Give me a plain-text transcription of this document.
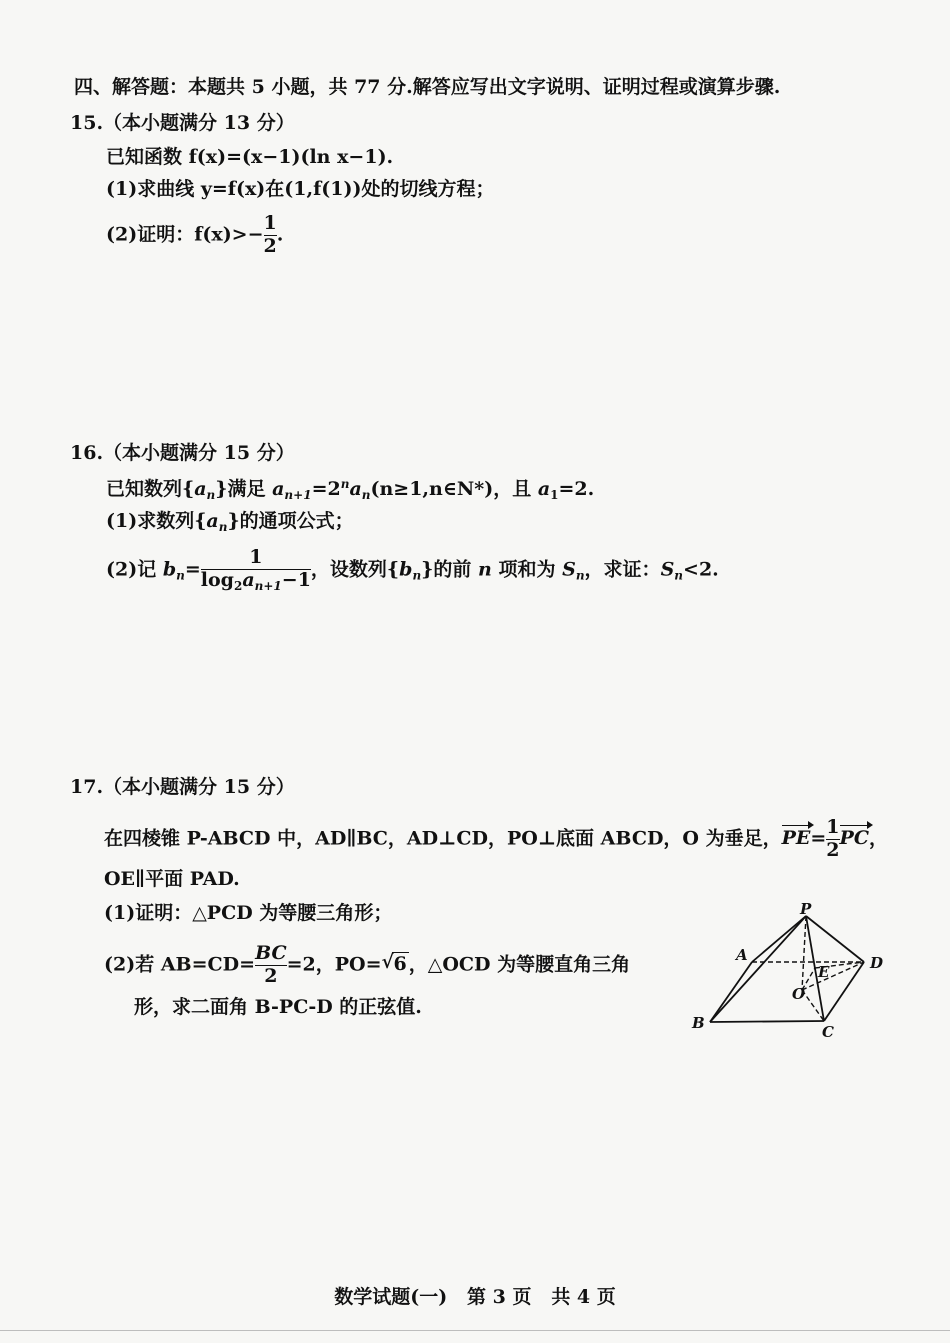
四、解答题：本题共 5 小题，共 77 分.解答应写出文字说明、证明过程或演算步骤.
15.（本小题满分 13 分）
已知函数 f(x)=(x−1)(ln x−1).
(1)求曲线 y=f(x)在(1,f(1))处的切线方程；
(2)证明：$f(x)>- \frac{1}{2}$ .
16.（本小题满分 15 分）
已知数列$\{a_n\}$满足 $a_{n+1}=2^na_n(n\ge 1,n\in N*)$，且 $a_1=2$.
(1)求数列$\{a_n\}$的通项公式；
(2)记 $b_n= \frac{1}{\log_2a_{n+1}-1}$ ，设数列$\{b_n\}$的前 n 项和为 $S_n$，求证：$S_n<2$.
17.（本小题满分 15 分）
在四棱锥 P-ABCD 中，AD∥BC，AD⊥CD，PO⊥底面 ABCD，O 为垂足，$PE= \frac{1}{2}$ PC，
OE∥平面 PAD.
(1)证明：△PCD 为等腰三角形；
(2)若 $AB=CD= \frac{BC}{2} =2$，PO=√ 6 ，△OCD 为等腰直角三角
形，求二面角 B-PC-D 的正弦值.
P
A
E	D
O
B	C
数学试题(一)   第 3 页   共 4 页
